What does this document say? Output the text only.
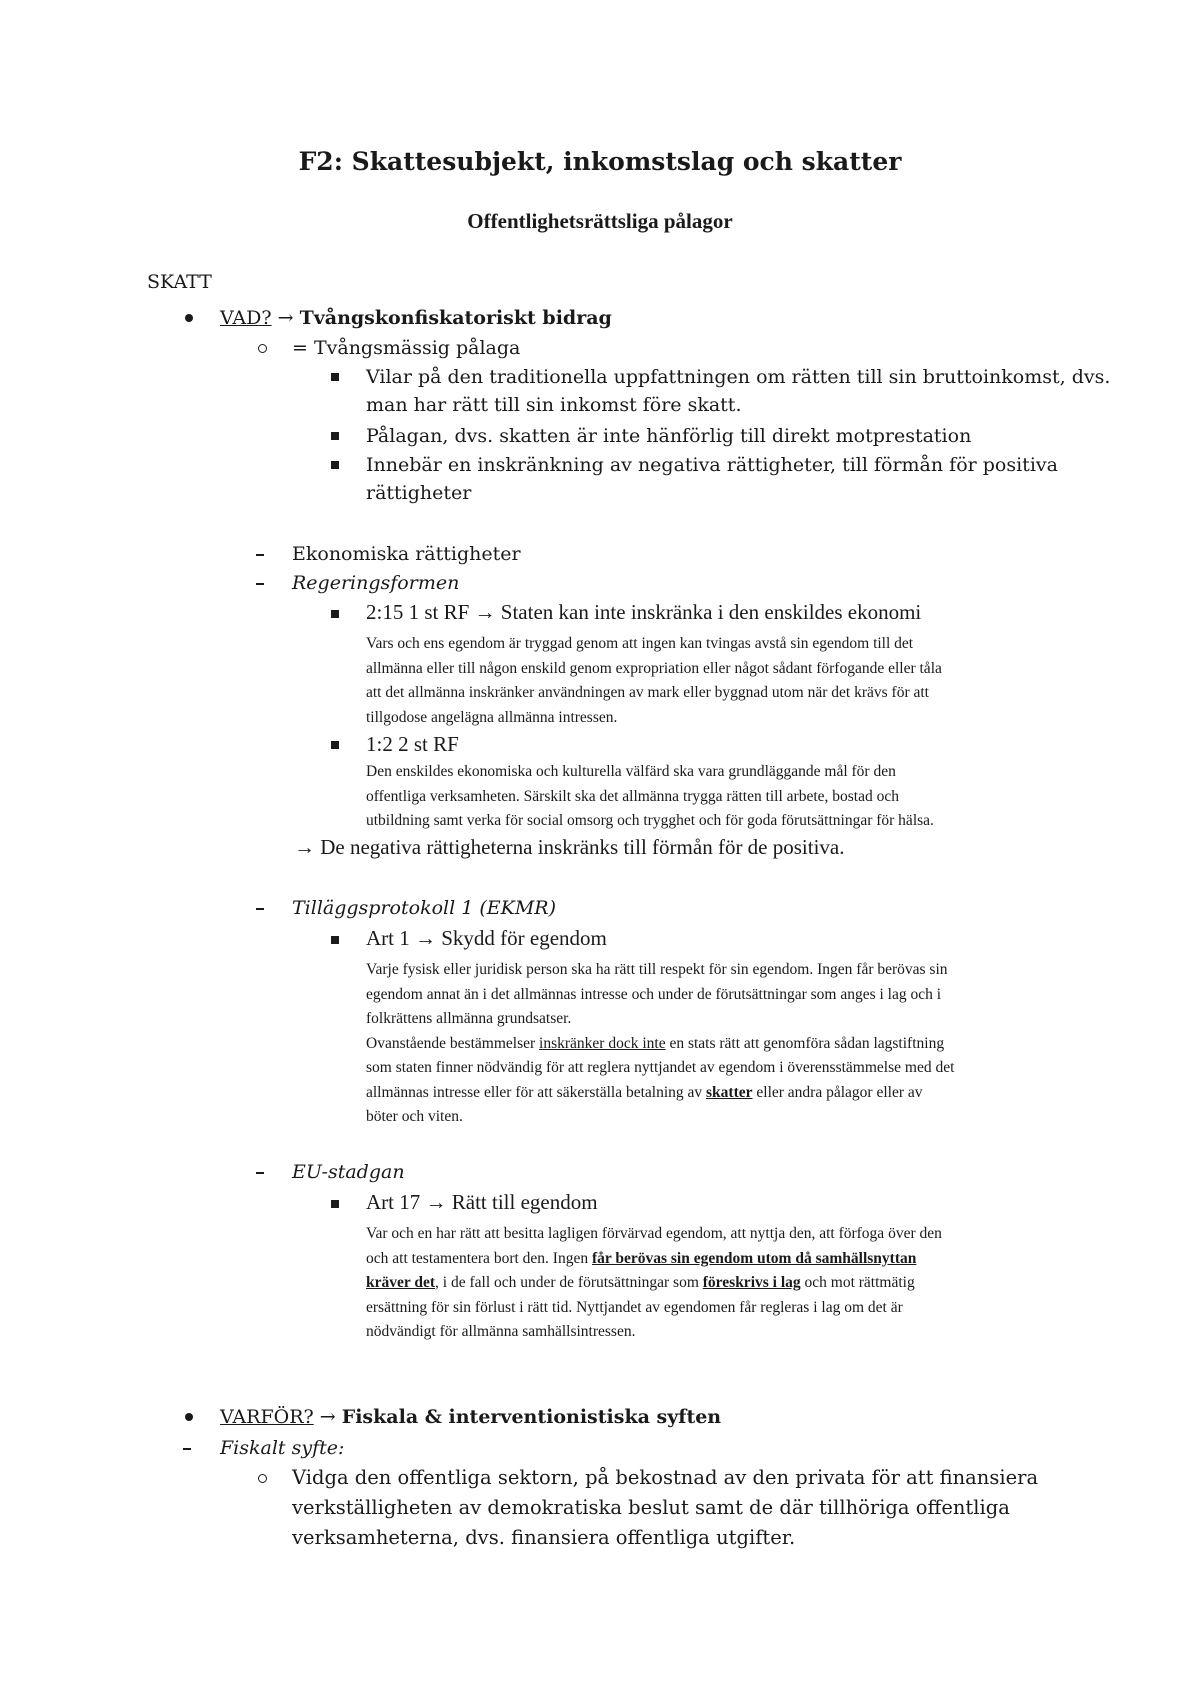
F2: Skattesubjekt, inkomstslag och skatter
Offentlighetsrättsliga pålagor
SKATT
VAD? → Tvångskonfiskatoriskt bidrag
= Tvångsmässig pålaga
Vilar på den traditionella uppfattningen om rätten till sin bruttoinkomst, dvs.
man har rätt till sin inkomst före skatt.
Pålagan, dvs. skatten är inte hänförlig till direkt motprestation
Innebär en inskränkning av negativa rättigheter, till förmån för positiva
rättigheter
Ekonomiska rättigheter
Regeringsformen
2:15 1 st RF → Staten kan inte inskränka i den enskildes ekonomi
Vars och ens egendom är tryggad genom att ingen kan tvingas avstå sin egendom till det
allmänna eller till någon enskild genom expropriation eller något sådant förfogande eller tåla
att det allmänna inskränker användningen av mark eller byggnad utom när det krävs för att
tillgodose angelägna allmänna intressen.
1:2 2 st RF
Den enskildes ekonomiska och kulturella välfärd ska vara grundläggande mål för den
offentliga verksamheten. Särskilt ska det allmänna trygga rätten till arbete, bostad och
utbildning samt verka för social omsorg och trygghet och för goda förutsättningar för hälsa.
→ De negativa rättigheterna inskränks till förmån för de positiva.
Tilläggsprotokoll 1 (EKMR)
Art 1 → Skydd för egendom
Varje fysisk eller juridisk person ska ha rätt till respekt för sin egendom. Ingen får berövas sin
egendom annat än i det allmännas intresse och under de förutsättningar som anges i lag och i
folkrättens allmänna grundsatser.
Ovanstående bestämmelser inskränker dock inte en stats rätt att genomföra sådan lagstiftning
som staten finner nödvändig för att reglera nyttjandet av egendom i överensstämmelse med det
allmännas intresse eller för att säkerställa betalning av skatter eller andra pålagor eller av
böter och viten.
EU-stadgan
Art 17 → Rätt till egendom
Var och en har rätt att besitta lagligen förvärvad egendom, att nyttja den, att förfoga över den
och att testamentera bort den. Ingen får berövas sin egendom utom då samhällsnyttan
kräver det, i de fall och under de förutsättningar som föreskrivs i lag och mot rättmätig
ersättning för sin förlust i rätt tid. Nyttjandet av egendomen får regleras i lag om det är
nödvändigt för allmänna samhällsintressen.
VARFÖR? → Fiskala & interventionistiska syften
Fiskalt syfte:
Vidga den offentliga sektorn, på bekostnad av den privata för att finansiera
verkställigheten av demokratiska beslut samt de där tillhöriga offentliga
verksamheterna, dvs. finansiera offentliga utgifter.
